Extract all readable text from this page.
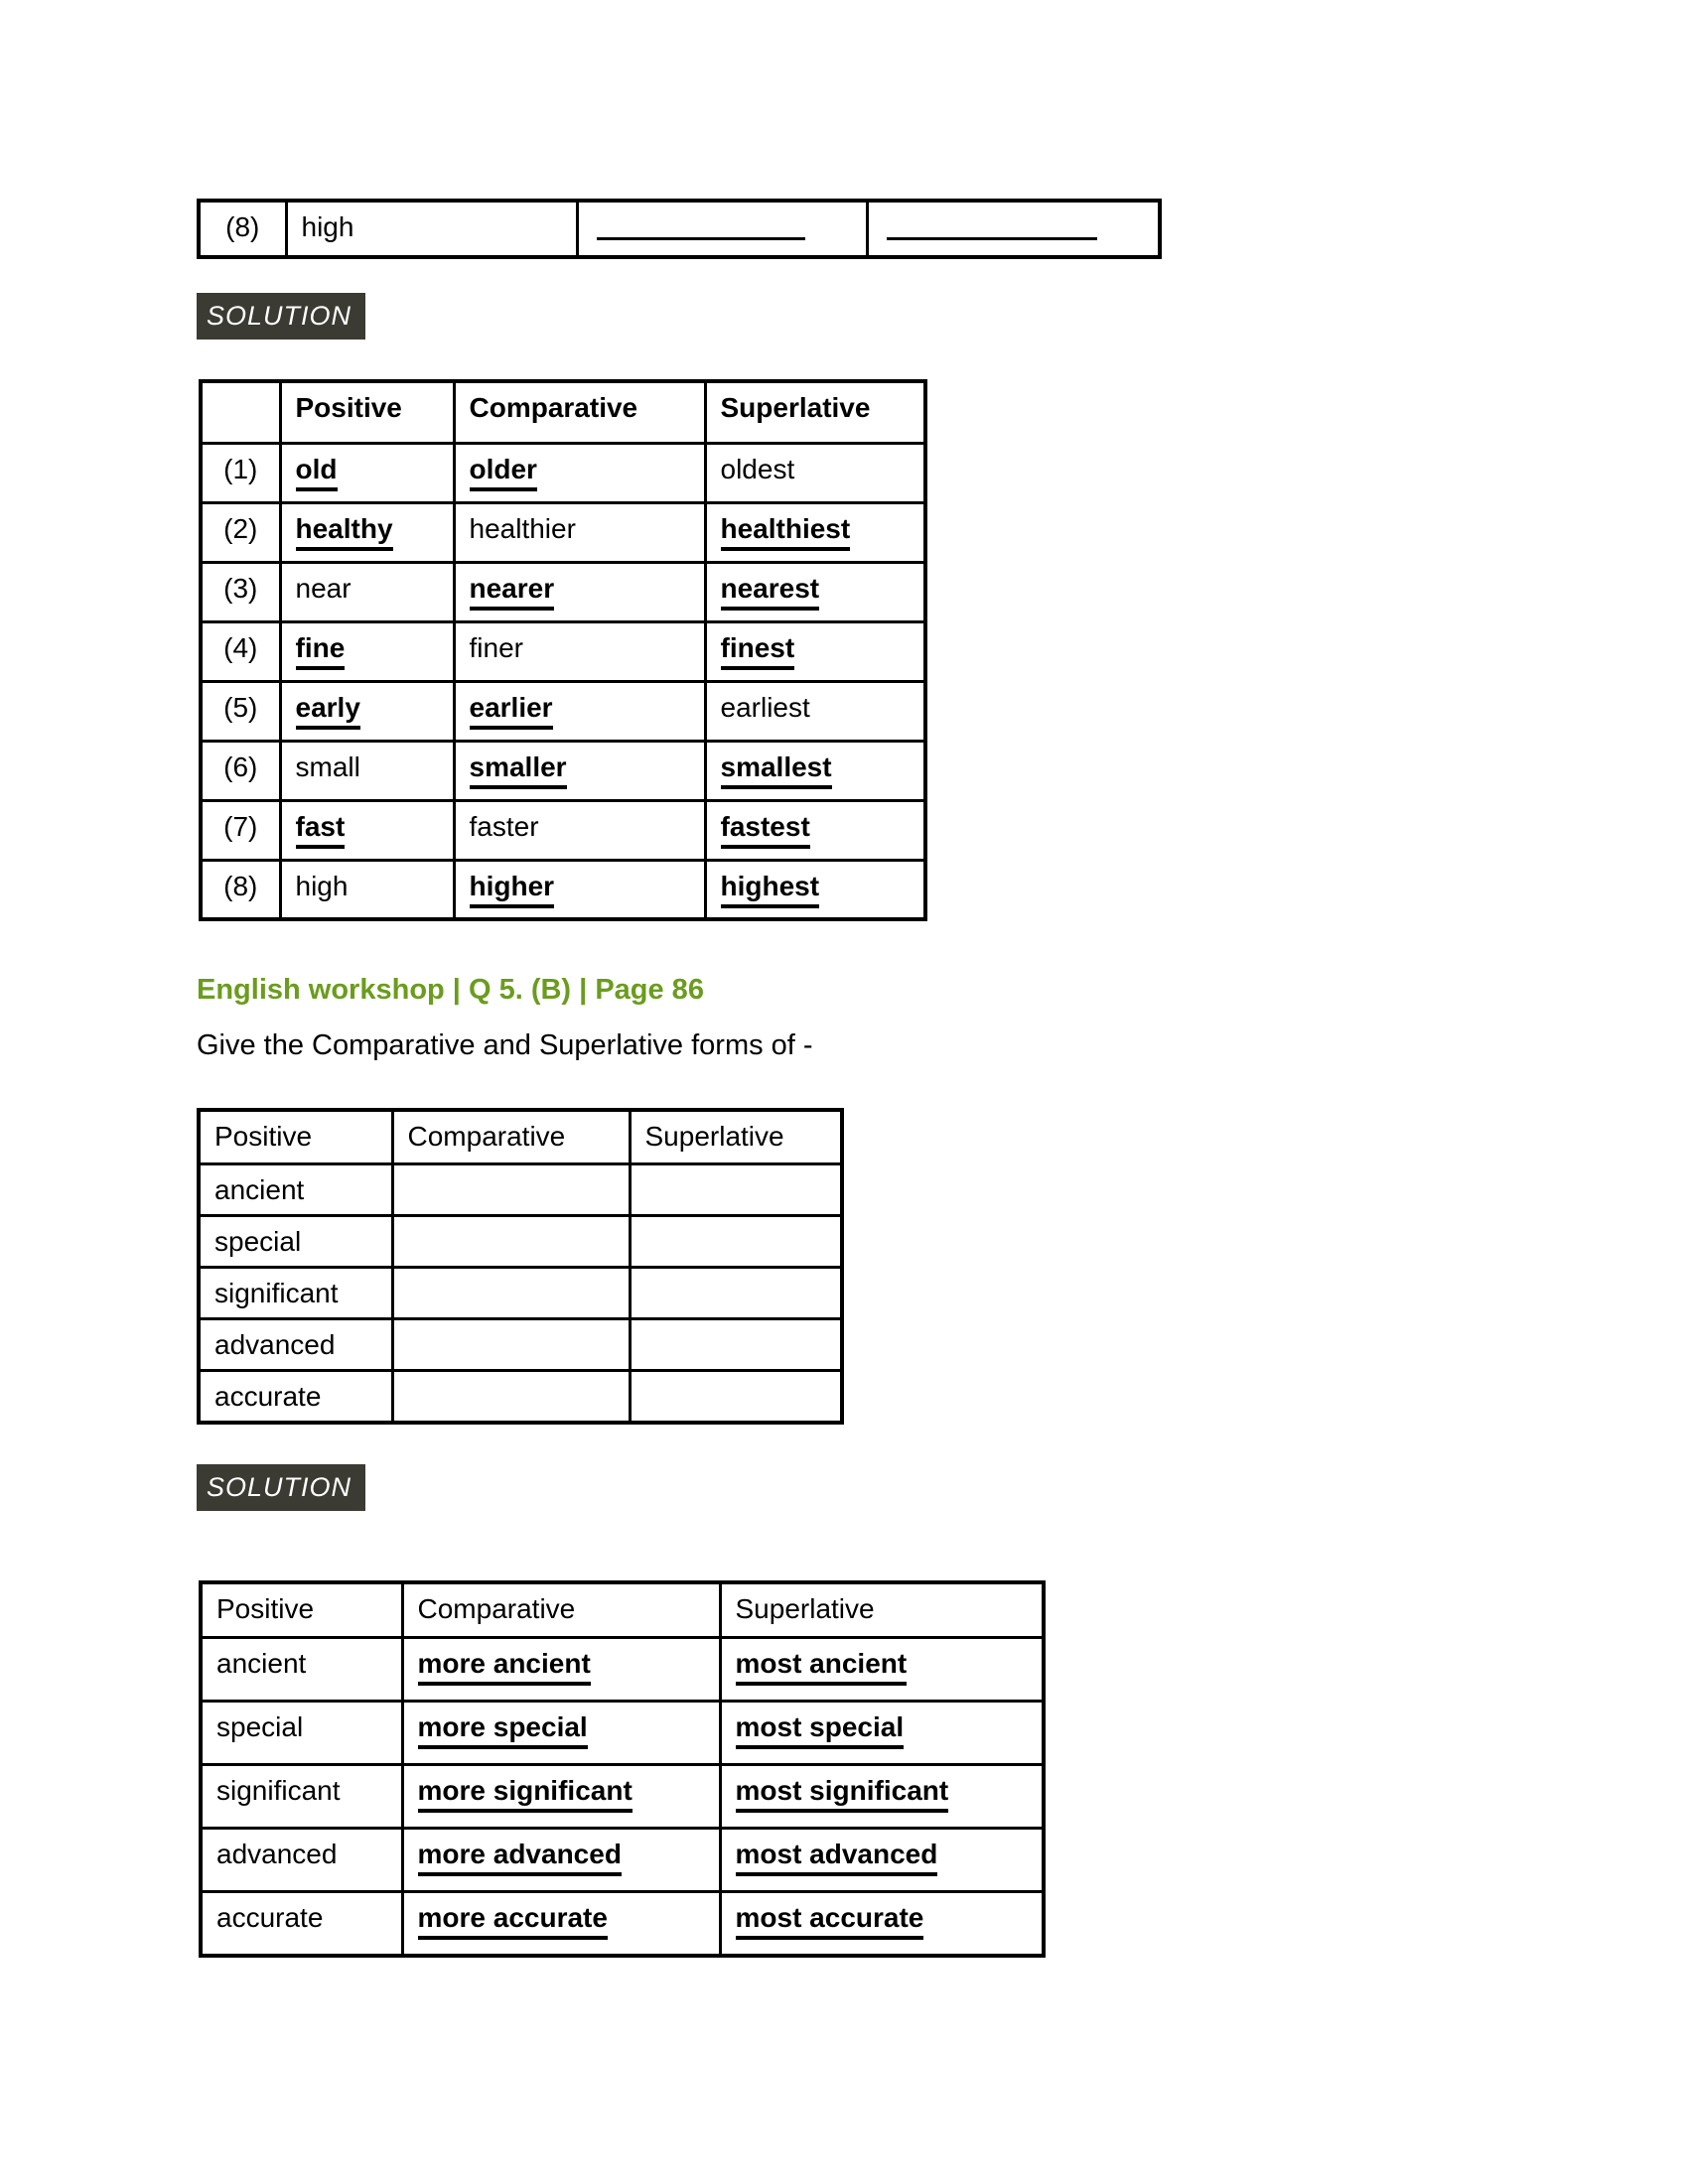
(8)	high	

SOLUTION
	Positive	Comparative	Superlative
(1)	old	older	oldest
(2)	healthy	healthier	healthiest
(3)	near	nearer	nearest
(4)	fine	finer	finest
(5)	early	earlier	earliest
(6)	small	smaller	smallest
(7)	fast	faster	fastest
(8)	high	higher	highest
English workshop | Q 5. (B) | Page 86
Give the Comparative and Superlative forms of -
Positive	Comparative	Superlative
ancient		
special		
significant		
advanced		
accurate		
SOLUTION
Positive	Comparative	Superlative
ancient	more ancient	most ancient
special	more special	most special
significant	more significant	most significant
advanced	more advanced	most advanced
accurate	more accurate	most accurate
